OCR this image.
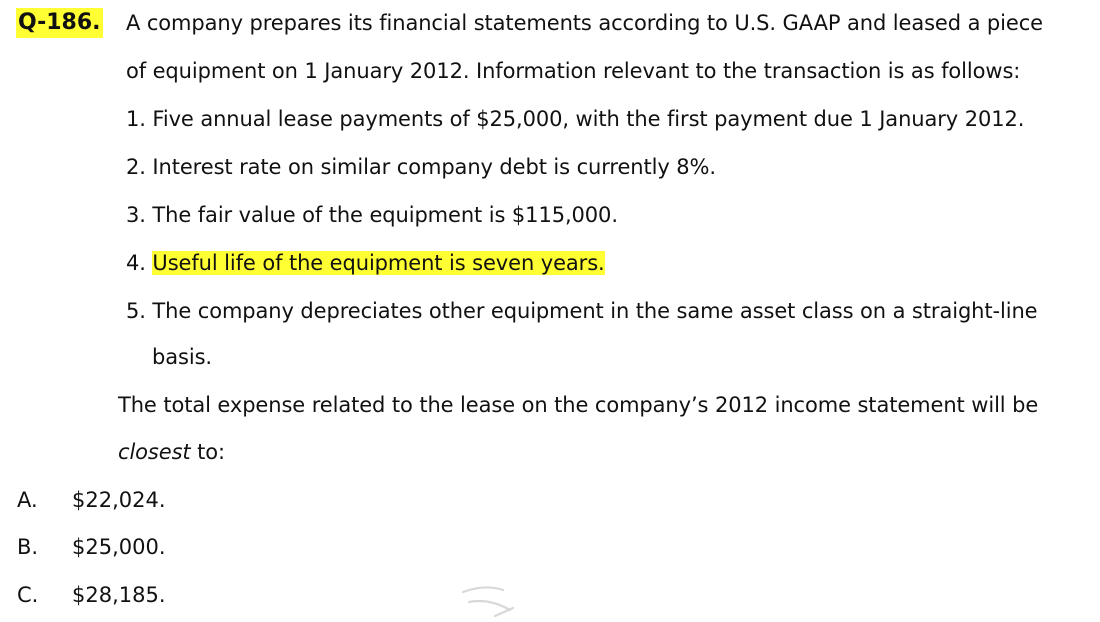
Q-186. A company prepares its financial statements according to U.S. GAAP and leased a piece
of equipment on 1 January 2012. Information relevant to the transaction is as follows:
1. Five annual lease payments of $25,000, with the first payment due 1 January 2012.
2. Interest rate on similar company debt is currently 8%.
3. The fair value of the equipment is $115,000.
4. Useful life of the equipment is seven years.
5. The company depreciates other equipment in the same asset class on a straight-line
basis.
The total expense related to the lease on the company’s 2012 income statement will be
closest to:
A. $22,024.
B. $25,000.
C. $28,185.
